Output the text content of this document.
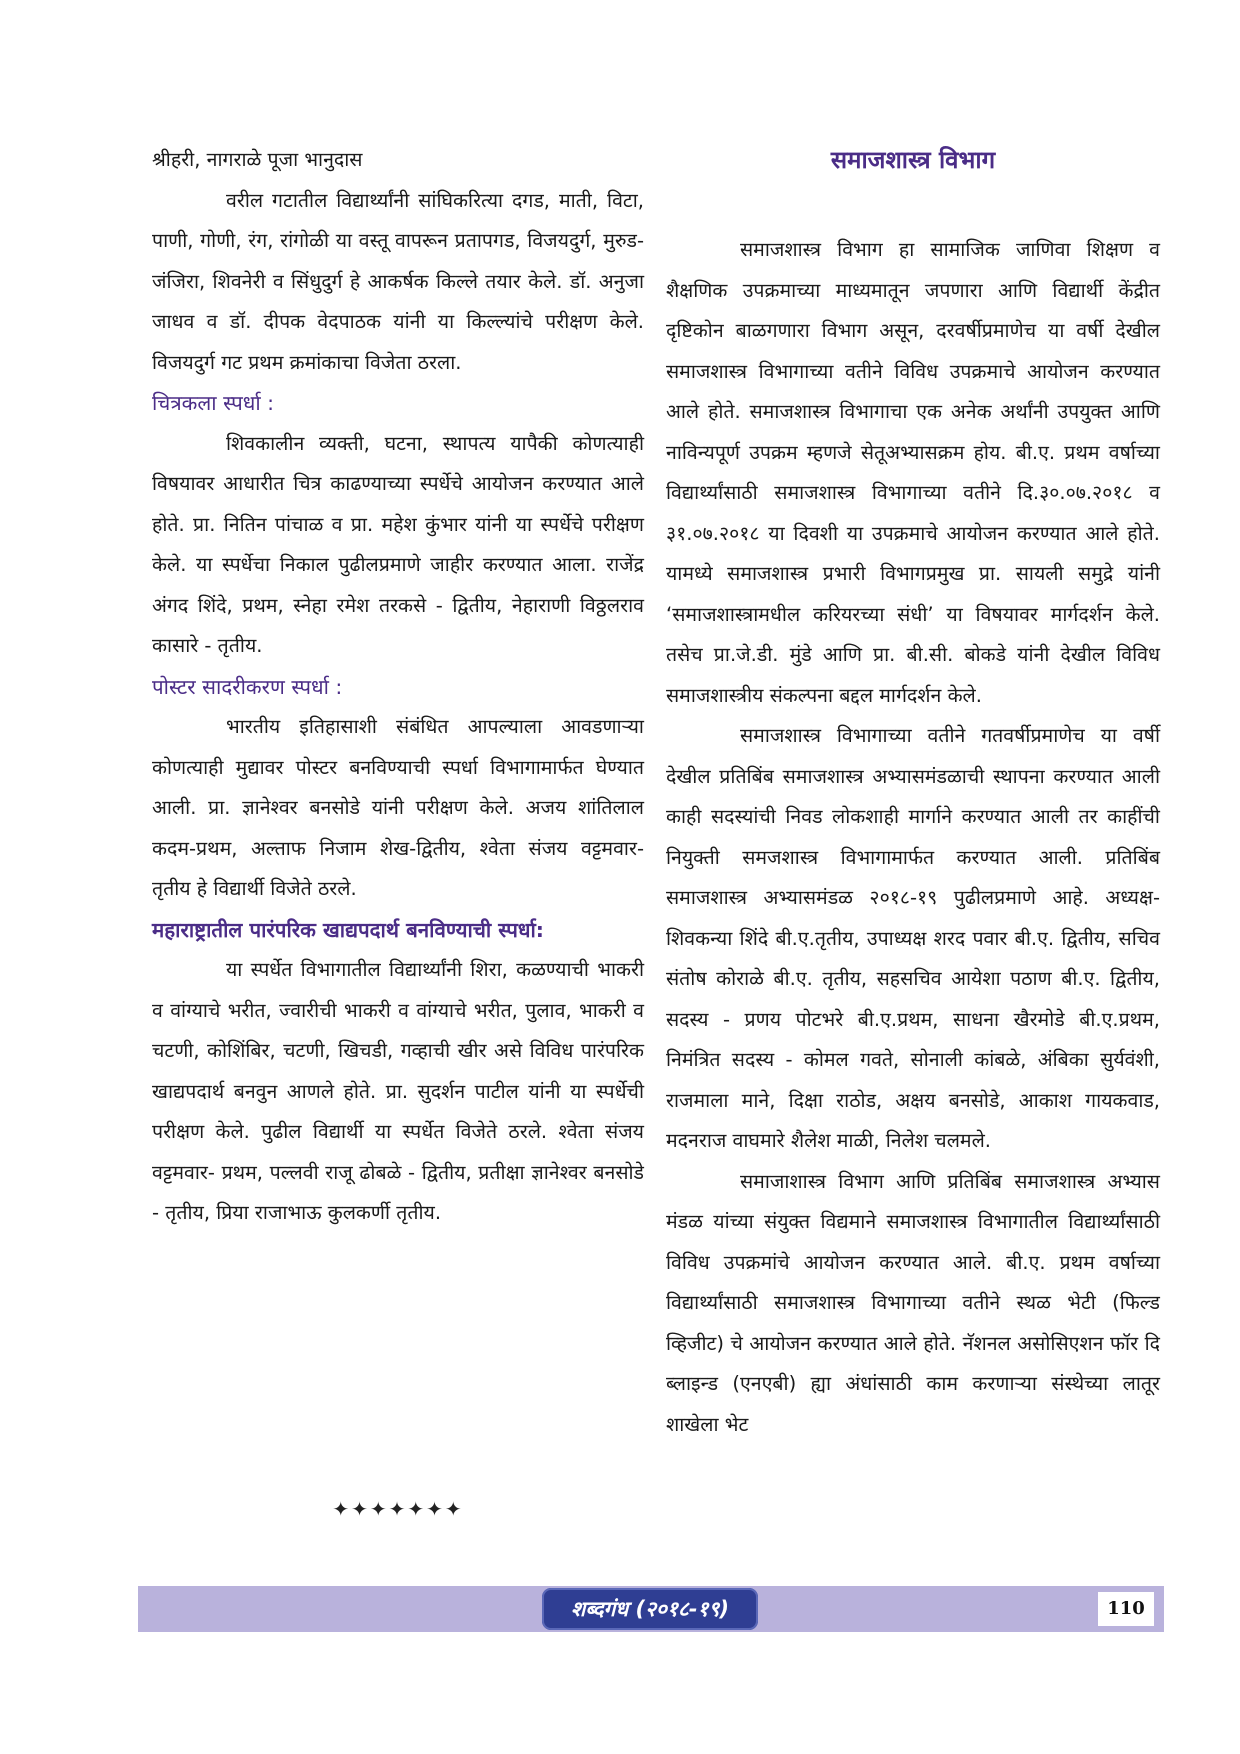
श्रीहरी, नागराळे पूजा भानुदास

वरील गटातील विद्यार्थ्यांनी सांघिकरित्या दगड, माती, विटा, पाणी, गोणी, रंग, रांगोळी या वस्तू वापरून प्रतापगड, विजयदुर्ग, मुरुड-जंजिरा, शिवनेरी व सिंधुदुर्ग हे आकर्षक किल्ले तयार केले. डॉ. अनुजा जाधव व डॉ. दीपक वेदपाठक यांनी या किल्ल्यांचे परीक्षण केले. विजयदुर्ग गट प्रथम क्रमांकाचा विजेता ठरला.

चित्रकला स्पर्धा :

शिवकालीन व्यक्ती, घटना, स्थापत्य यापैकी कोणत्याही विषयावर आधारीत चित्र काढण्याच्या स्पर्धेचे आयोजन करण्यात आले होते. प्रा. नितिन पांचाळ व प्रा. महेश कुंभार यांनी या स्पर्धेचे परीक्षण केले. या स्पर्धेचा निकाल पुढीलप्रमाणे जाहीर करण्यात आला. राजेंद्र अंगद शिंदे, प्रथम, स्नेहा रमेश तरकसे - द्वितीय, नेहाराणी विठ्ठलराव कासारे - तृतीय.

पोस्टर सादरीकरण स्पर्धा :

भारतीय इतिहासाशी संबंधित आपल्याला आवडणाऱ्या कोणत्याही मुद्यावर पोस्टर बनविण्याची स्पर्धा विभागामार्फत घेण्यात आली. प्रा. ज्ञानेश्वर बनसोडे यांनी परीक्षण केले. अजय शांतिलाल कदम-प्रथम, अल्ताफ निजाम शेख-द्वितीय, श्वेता संजय वट्टमवार- तृतीय हे विद्यार्थी विजेते ठरले.

महाराष्ट्रातील पारंपरिक खाद्यपदार्थ बनविण्याची स्पर्धा:

या स्पर्धेत विभागातील विद्यार्थ्यांनी शिरा, कळण्याची भाकरी व वांग्याचे भरीत, ज्वारीची भाकरी व वांग्याचे भरीत, पुलाव, भाकरी व चटणी, कोशिंबिर, चटणी, खिचडी, गव्हाची खीर असे विविध पारंपरिक खाद्यपदार्थ बनवुन आणले होते. प्रा. सुदर्शन पाटील यांनी या स्पर्धेची परीक्षण केले. पुढील विद्यार्थी या स्पर्धेत विजेते ठरले. श्वेता संजय वट्टमवार- प्रथम, पल्लवी राजू ढोबळे - द्वितीय, प्रतीक्षा ज्ञानेश्वर बनसोडे - तृतीय, प्रिया राजाभाऊ कुलकर्णी तृतीय.

✦✦✦✦✦✦✦
समाजशास्त्र विभाग

समाजशास्त्र विभाग हा सामाजिक जाणिवा शिक्षण व शैक्षणिक उपक्रमाच्या माध्यमातून जपणारा आणि विद्यार्थी केंद्रीत दृष्टिकोन बाळगणारा विभाग असून, दरवर्षीप्रमाणेच या वर्षी देखील समाजशास्त्र विभागाच्या वतीने विविध उपक्रमाचे आयोजन करण्यात आले होते. समाजशास्त्र विभागाचा एक अनेक अर्थांनी उपयुक्त आणि नाविन्यपूर्ण उपक्रम म्हणजे सेतूअभ्यासक्रम होय. बी.ए. प्रथम वर्षाच्या विद्यार्थ्यांसाठी समाजशास्त्र विभागाच्या वतीने दि.३०.०७.२०१८ व ३१.०७.२०१८ या दिवशी या उपक्रमाचे आयोजन करण्यात आले होते. यामध्ये समाजशास्त्र प्रभारी विभागप्रमुख प्रा. सायली समुद्रे यांनी ‘समाजशास्त्रामधील करियरच्या संधी’ या विषयावर मार्गदर्शन केले. तसेच प्रा.जे.डी. मुंडे आणि प्रा. बी.सी. बोकडे यांनी देखील विविध समाजशास्त्रीय संकल्पना बद्दल मार्गदर्शन केले.

समाजशास्त्र विभागाच्या वतीने गतवर्षीप्रमाणेच या वर्षी देखील प्रतिबिंब समाजशास्त्र अभ्यासमंडळाची स्थापना करण्यात आली काही सदस्यांची निवड लोकशाही मार्गाने करण्यात आली तर काहींची नियुक्ती समजशास्त्र विभागामार्फत करण्यात आली. प्रतिबिंब समाजशास्त्र अभ्यासमंडळ २०१८-१९ पुढीलप्रमाणे आहे. अध्यक्ष- शिवकन्या शिंदे बी.ए.तृतीय, उपाध्यक्ष शरद पवार बी.ए. द्वितीय, सचिव संतोष कोराळे बी.ए. तृतीय, सहसचिव आयेशा पठाण बी.ए. द्वितीय, सदस्य - प्रणय पोटभरे बी.ए.प्रथम, साधना खैरमोडे बी.ए.प्रथम, निमंत्रित सदस्य - कोमल गवते, सोनाली कांबळे, अंबिका सुर्यवंशी, राजमाला माने, दिक्षा राठोड, अक्षय बनसोडे, आकाश गायकवाड, मदनराज वाघमारे शैलेश माळी, निलेश चलमले.

समाजाशास्त्र विभाग आणि प्रतिबिंब समाजशास्त्र अभ्यास मंडळ यांच्या संयुक्त विद्यमाने समाजशास्त्र विभागातील विद्यार्थ्यांसाठी विविध उपक्रमांचे आयोजन करण्यात आले. बी.ए. प्रथम वर्षाच्या विद्यार्थ्यांसाठी समाजशास्त्र विभागाच्या वतीने स्थळ भेटी (फिल्ड व्हिजीट) चे आयोजन करण्यात आले होते. नॅशनल असोसिएशन फॉर दि ब्लाइन्ड (एनएबी) ह्या अंधांसाठी काम करणाऱ्या संस्थेच्या लातूर शाखेला भेट

शब्दगंध (२०१८-१९)	110
